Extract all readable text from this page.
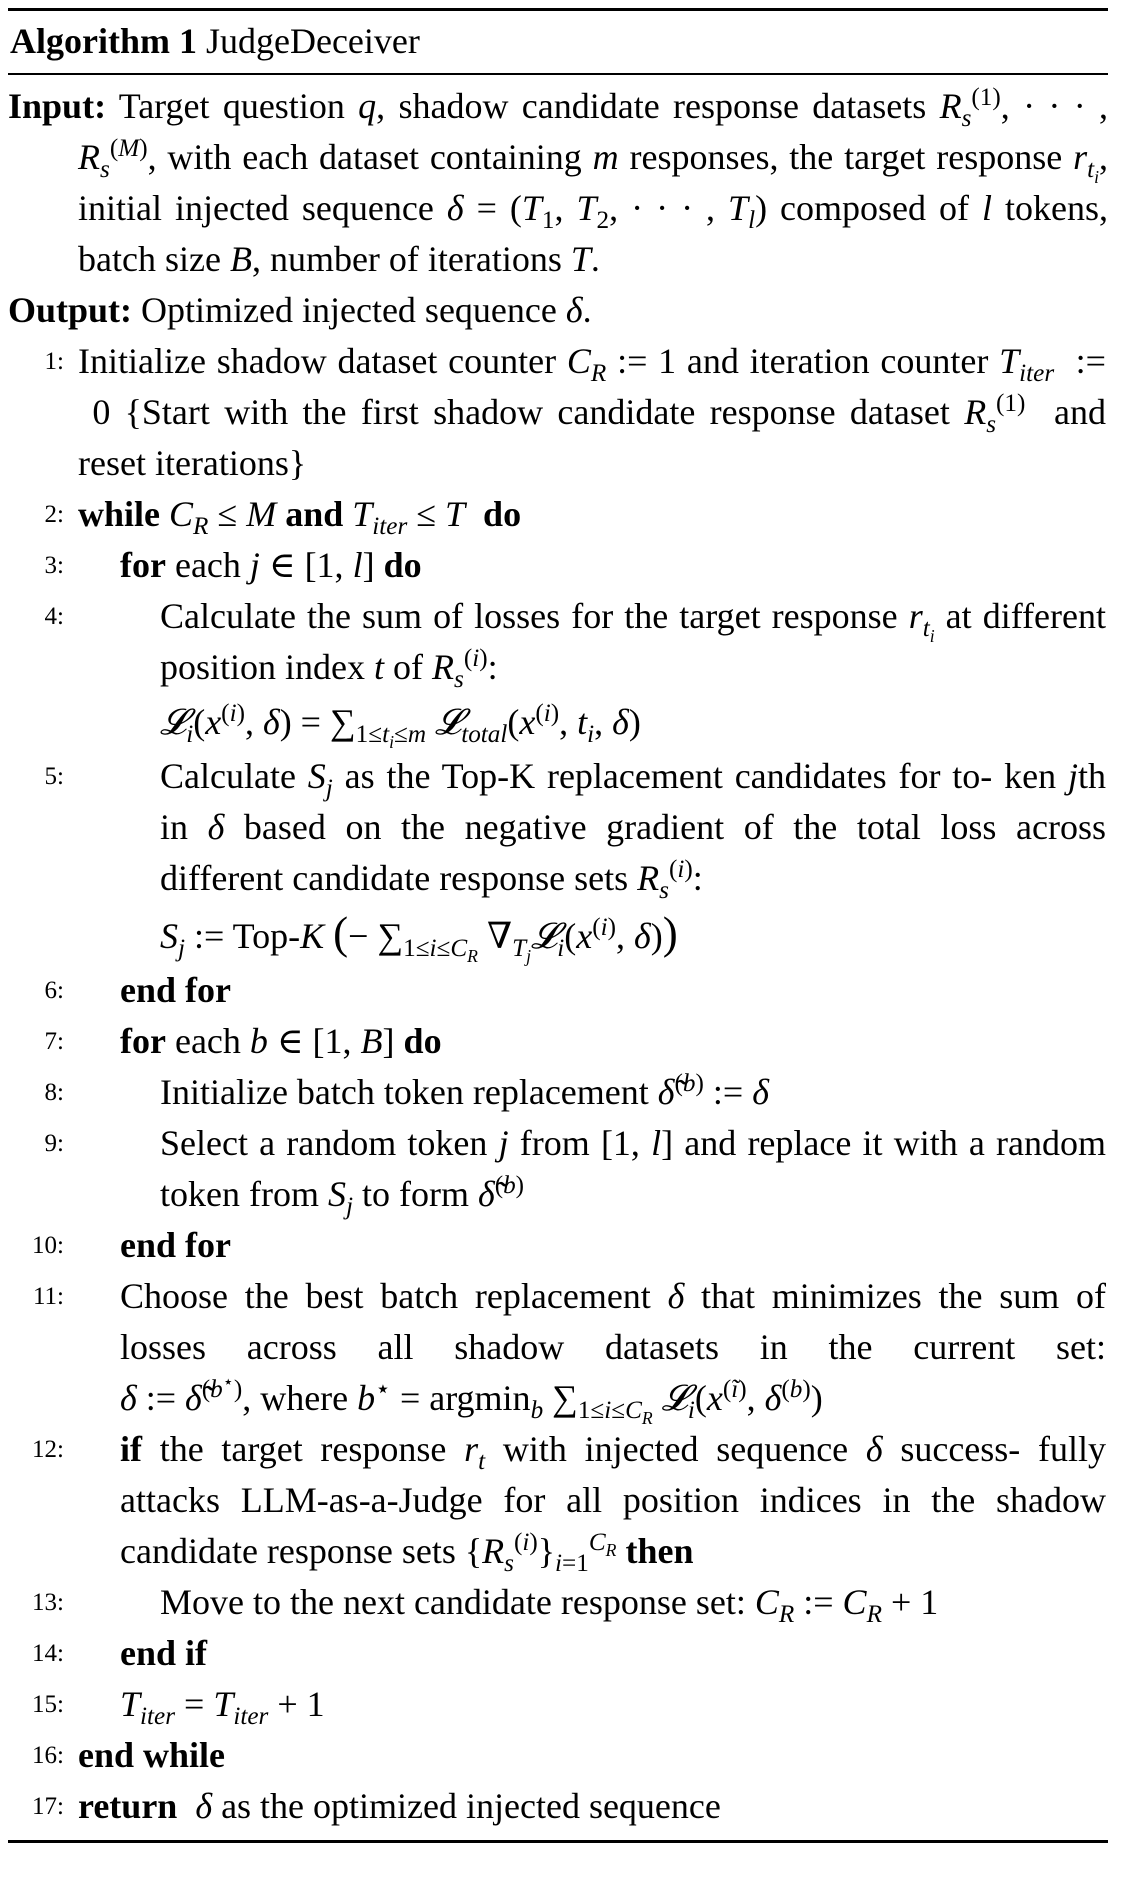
Algorithm 1 JudgeDeceiver
Input: Target question q, shadow candidate response datasets $R_s^{(1)}$, · · · , $R_s^{(M)}$, with each dataset containing m responses, the target response $r_{t_i}$, initial injected sequence $\delta = (T_1$, $T_2$, · · · , $T_l$) composed of l tokens, batch size B, number of iterations T.
Output: Optimized injected sequence δ.
1: Initialize shadow dataset counter $C_R$ := 1 and iteration counter $T_{iter}$  :=  0 {Start with the first shadow candidate response dataset $R_s^{(1)}$  and reset iterations}
2: while $C_R \le M$ and $T_{iter} \le T$ do
3: for each j ∈ [1, l] do
4:	Calculate the sum of losses for the target response $r_{t_i}$ at different position index t of $R_s^{(i)}$:
$𝓛_i(x^{(i)}$, $\delta) = \sum_{1\le t_i\le m}$ $𝓛_{total}(x^{(i)}$, $t_i$, δ)
5:	Calculate $S_j$ as the Top-K replacement candidates for to- ken jth in δ based on the negative gradient of the total loss across different candidate response sets $R_s^{(i)}$:
$S_j$ := Top-K (− $\sum_{1\le i\le C_R}$ $\nabla_{T_j}𝓛_i(x^{(i)}$, δ))
6: end for
7: for each b ∈ [1, B] do
8:	Initialize batch token replacement δ̃$^{(b)}$ := δ
9:	Select a random token j from [1, l] and replace it with a random token from $S_j$ to form δ̃$^{(b)}$
10: end for
11: Choose the best batch replacement δ that minimizes the sum of losses across all shadow datasets in the current set: δ := δ̃$^{(b^⋆)}$, where b⋆ = argmin$_b$ $\sum_{1\le i\le C_R}$ $𝓛_i(x^{(ĩ)}$, $\delta^{(b)}$)
12: if the target response $r_t$ with injected sequence δ success- fully attacks LLM-as-a-Judge for all position indices in the shadow candidate response sets $\{R_s^{(i)}\}_{i=1}^{C_R}$ then
13:	Move to the next candidate response set: $C_R$ := $C_R + 1$
14: end if
15: $T_{iter} = T_{iter} + 1$
16: end while
17: return δ as the optimized injected sequence
